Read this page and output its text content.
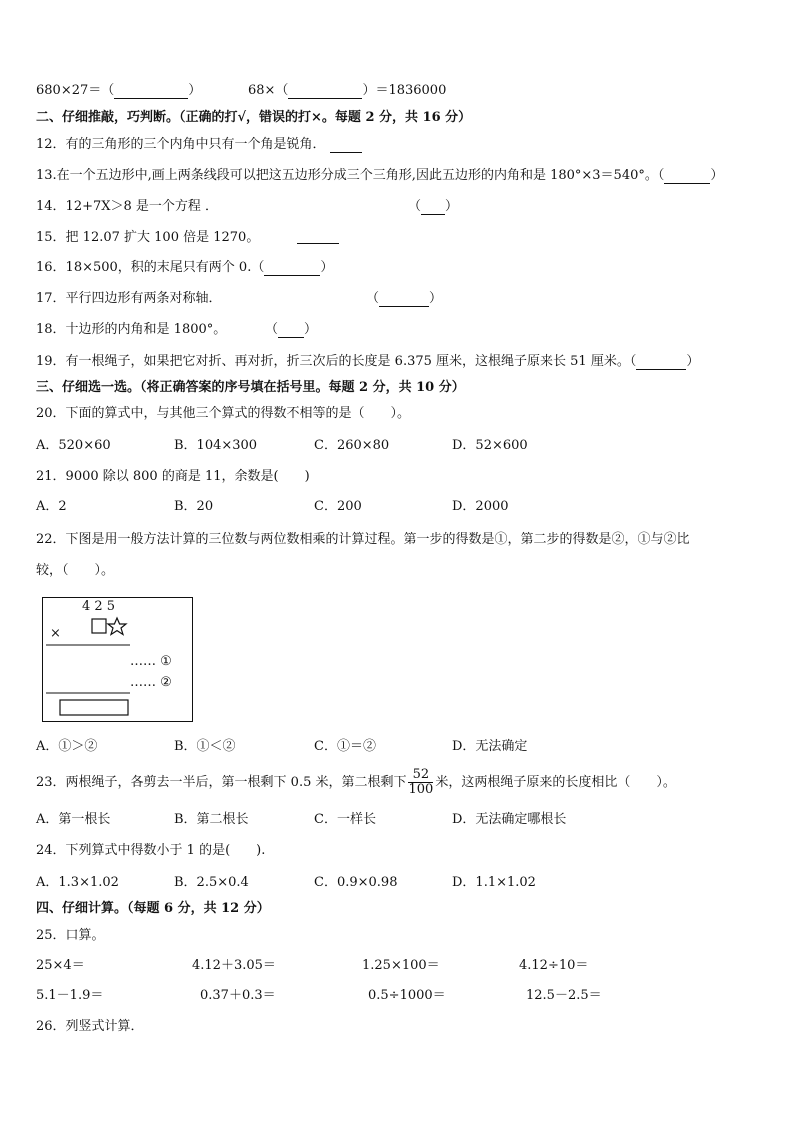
680×27＝（	）	68×（	）＝1836000
二、仔细推敲，巧判断。（正确的打√，错误的打×。每题 2 分，共 16 分）
12．有的三角形的三个内角中只有一个角是锐角．
13.在一个五边形中,画上两条线段可以把这五边形分成三个三角形,因此五边形的内角和是 180°×3＝540°。（	）
14．12+7X＞8 是一个方程 ．	（ ）
15．把 12.07 扩大 100 倍是 1270。
16．18×500，积的末尾只有两个 0.（	）
17．平行四边形有两条对称轴．	（	）
18．十边形的内角和是 1800°。	（ ）
19．有一根绳子，如果把它对折、再对折，折三次后的长度是 6.375 厘米，这根绳子原来长 51 厘米。（	）
三、仔细选一选。（将正确答案的序号填在括号里。每题 2 分，共 10 分）
20．下面的算式中，与其他三个算式的得数不相等的是（　　）。
A．520×60	B．104×300	C．260×80	D．52×600
21．9000 除以 800 的商是 11，余数是(　　)
A．2	B．20	C．200	D．2000
22．下图是用一般方法计算的三位数与两位数相乘的计算过程。第一步的得数是①，第二步的得数是②，①与②比
较，（　　）。
4 2 5
×
…… ①
…… ②
A．①＞②	B．①＜②	C．①＝②	D．无法确定
23．两根绳子，各剪去一半后，第一根剩下 0.5 米，第二根剩下 $\frac{52}{100}$ 米，这两根绳子原来的长度相比（　　）。
A．第一根长	B．第二根长	C．一样长	D．无法确定哪根长
24．下列算式中得数小于 1 的是(　　).
A．1.3×1.02	B．2.5×0.4	C．0.9×0.98	D．1.1×1.02
四、仔细计算。（每题 6 分，共 12 分）
25．口算。
25×4＝	4.12＋3.05＝	1.25×100＝	4.12÷10＝
5.1－1.9＝	0.37＋0.3＝	0.5÷1000＝	12.5－2.5＝
26．列竖式计算．
